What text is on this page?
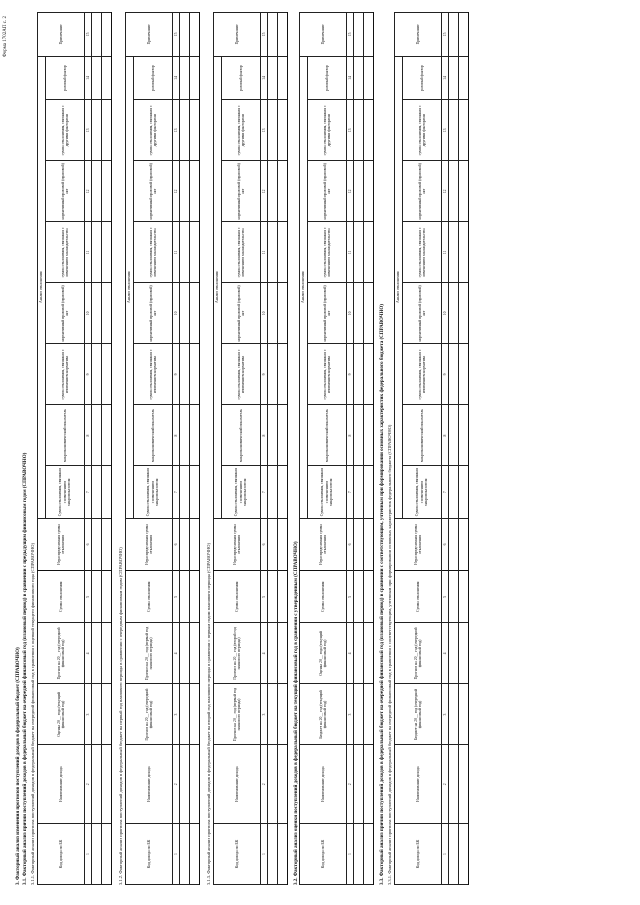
Форма 1702АП с. 2
3. Факторный анализ изменения прогнозов поступлений доходов в федеральный бюджет (СПРАВОЧНО) 3.1. Факторный анализ причин поступлений доходов в федеральный бюджет на очередной финансовый год (плановый период) в сравнении с предыдущим финансовым годом (СПРАВОЧНО) 3.1.1. Факторный анализ прогноза поступлений доходов в федеральный бюджет на очередной финансовый год в сравнении с оценкой текущего финансового года (СПРАВОЧНО)	Код дохода по БК	Наименование дохода	Оценка 20__ года (текущий финансовый год)	Прогноз на 20__ год (очередной финансовый год)	Сумма отклонения	Нераспределенная сумма отклонения	Анализ отклонения								Примечание
						Сумма отклонения, связанная с изменением макропоказателя	макроэкономический показатель	сумма отклонения, связанная с изменением норматива	нормативный правовой (правовой) акт	сумма отклонения, связанная с изменением законодательства	нормативный правовой (правовой) акт	сумма отклонения, связанная с другими факторами	разовый фактор	
1	2	3	4	5	6	7	8	9	10	11	12	13	14	15

3.1.2. Факторный анализ прогноза поступлений доходов в федеральный бюджет на первый год планового периода в сравнении с очередным финансовым годом (СПРАВОЧНО)	Код дохода по БК	Наименование дохода	Прогноз на 20__ год (очередной финансовый год)	Прогноз на 20__ год (первый год планового периода)	Сумма отклонения	Нераспределенная сумма отклонения	Анализ отклонения								Примечание
						Сумма отклонения, связанная с изменением макропоказателя	макроэкономический показатель	сумма отклонения, связанная с изменением норматива	нормативный правовой (правовой) акт	сумма отклонения, связанная с изменением законодательства	нормативный правовой (правовой) акт	сумма отклонения, связанная с другими факторами	разовый фактор	
1	2	3	4	5	6	7	8	9	10	11	12	13	14	15

3.1.3. Факторный анализ прогноза поступлений доходов в федеральный бюджет на второй год планового периода в сравнении с первым годом планового периода (СПРАВОЧНО)	Код дохода по БК	Наименование дохода	Прогноз на 20__ год (первый год планового периода)	Прогноз на 20__ год (второй год планового периода)	Сумма отклонения	Нераспределенная сумма отклонения	Анализ отклонения								Примечание
						Сумма отклонения, связанная с изменением макропоказателя	макроэкономический показатель	сумма отклонения, связанная с изменением норматива	нормативный правовой (правовой) акт	сумма отклонения, связанная с изменением законодательства	нормативный правовой (правовой) акт	сумма отклонения, связанная с другими факторами	разовый фактор	
1	2	3	4	5	6	7	8	9	10	11	12	13	14	15

3.2. Факторный анализ оценки поступлений доходов в федеральный бюджет на текущий финансовый год в сравнении с утвержденным (СПРАВОЧНО)	Код дохода по БК	Наименование дохода	Бюджет на 20__ год (текущий финансовый год)	Оценка 20__ года (текущий финансовый год)	Сумма отклонения	Нераспределенная сумма отклонения	Анализ отклонения								Примечание
						Сумма отклонения, связанная с изменением макропоказателя	макроэкономический показатель	сумма отклонения, связанная с изменением норматива	нормативный правовой (правовой) акт	сумма отклонения, связанная с изменением законодательства	нормативный правовой (правовой) акт	сумма отклонения, связанная с другими факторами	разовый фактор	
1	2	3	4	5	6	7	8	9	10	11	12	13	14	15

3.3. Факторный анализ причин поступлений доходов в федеральный бюджет на очередной финансовый год (плановый период) в сравнении с соответствующим, учтенным при формировании основных характеристик федерального бюджета (СПРАВОЧНО) 3.3.1. Факторный анализ прогноза поступлений доходов в федеральный бюджет на очередной финансовый год в сравнении с соответствующим, учтенным при формировании основных характеристик федерального бюджета (СПРАВОЧНО)	Код дохода по БК	Наименование дохода	Бюджет на 20__ год (очередной финансовый год)	Прогноз на 20__ год (очередной финансовый год)	Сумма отклонения	Нераспределенная сумма отклонения	Анализ отклонения								Примечание
						Сумма отклонения, связанная с изменением макропоказателя	макроэкономический показатель	сумма отклонения, связанная с изменением норматива	нормативный правовой (правовой) акт	сумма отклонения, связанная с изменением законодательства	нормативный правовой (правовой) акт	сумма отклонения, связанная с другими факторами	разовый фактор	
1	2	3	4	5	6	7	8	9	10	11	12	13	14	15
